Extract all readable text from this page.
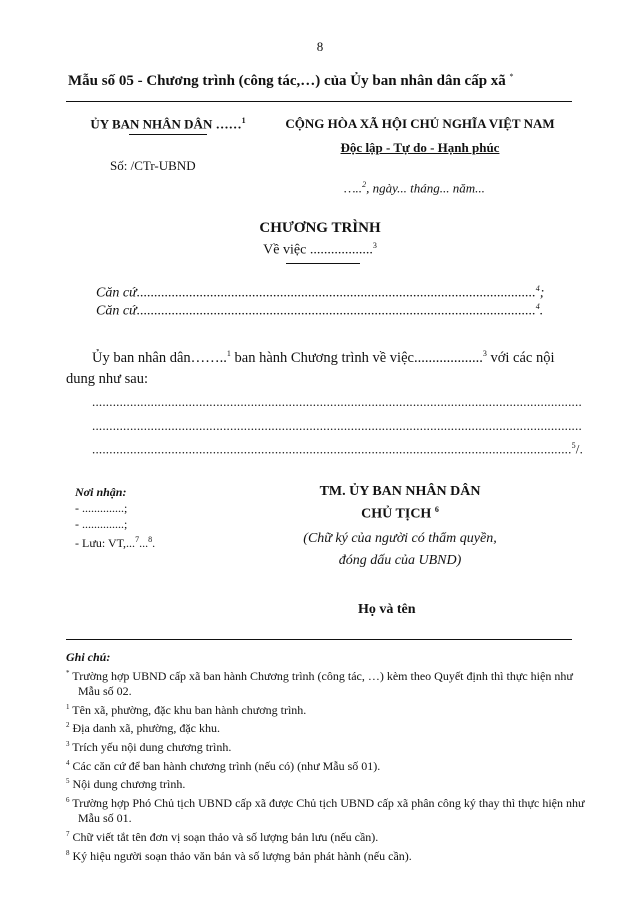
8
Mẫu số 05 - Chương trình (công tác,…) của Ủy ban nhân dân cấp xã *
ỦY BAN NHÂN DÂN ……$^1$	CỘNG HÒA XÃ HỘI CHỦ NGHĨA VIỆT NAM
Độc lập - Tự do - Hạnh phúc
Số: /CTr-UBND
…..$^2$, ngày... tháng... năm...
CHƯƠNG TRÌNH
Về việc ..................$^3$
Căn cứ..................................................................................................................$^4$;
Căn cứ..................................................................................................................$^4$.
Ủy ban nhân dân……..$^1$ ban hành Chương trình về việc...................$^3$ với các nội dung như sau:
..............................................................................................................................................
..............................................................................................................................................
...........................................................................................................................................$^5$/.
Nơi nhận:
- ..............;
- ..............;
- Lưu: VT,...$^7$...$^8$.
TM. ỦY BAN NHÂN DÂN
CHỦ TỊCH $^6$
(Chữ ký của người có thẩm quyền,
đóng dấu của UBND)
Họ và tên
Ghi chú:
* Trường hợp UBND cấp xã ban hành Chương trình (công tác, …) kèm theo Quyết định thì thực hiện như Mẫu số 02.
$^1$ Tên xã, phường, đặc khu ban hành chương trình.
$^2$ Địa danh xã, phường, đặc khu.
$^3$ Trích yếu nội dung chương trình.
$^4$ Các căn cứ để ban hành chương trình (nếu có) (như Mẫu số 01).
$^5$ Nội dung chương trình.
$^6$ Trường hợp Phó Chủ tịch UBND cấp xã được Chủ tịch UBND cấp xã phân công ký thay thì thực hiện như Mẫu số 01.
$^7$ Chữ viết tắt tên đơn vị soạn thảo và số lượng bản lưu (nếu cần).
$^8$ Ký hiệu người soạn thảo văn bản và số lượng bản phát hành (nếu cần).
